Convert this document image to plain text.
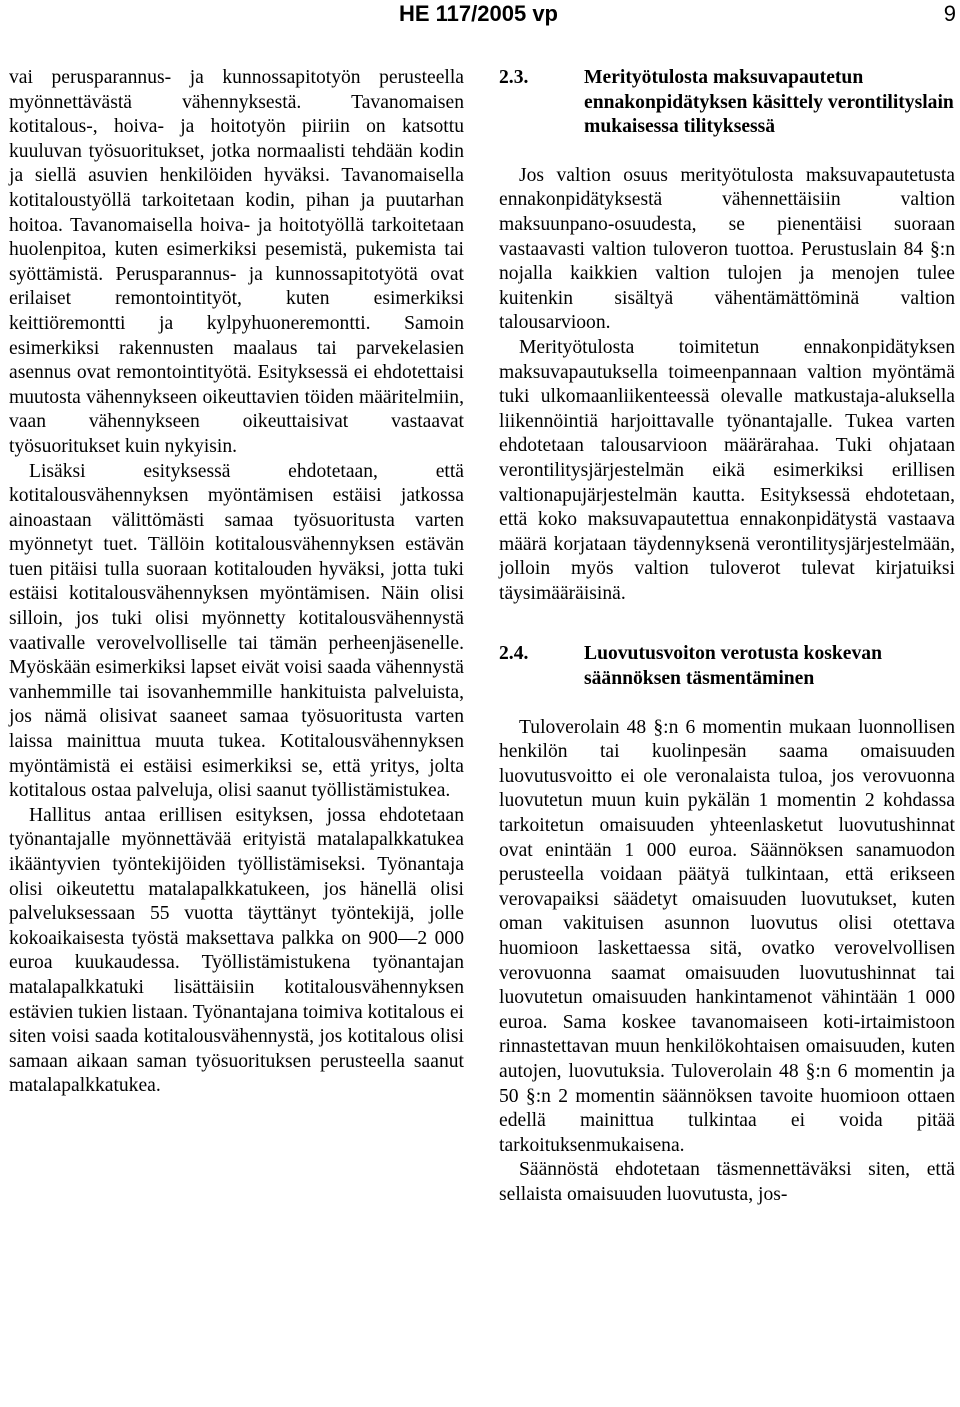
HE 117/2005 vp	9

vai perusparannus- ja kunnossapitotyön perusteella myönnettävästä vähennyksestä. Tavanomaisen kotitalous-, hoiva- ja hoitotyön piiriin on katsottu kuuluvan työsuoritukset, jotka normaalisti tehdään kodin ja siellä asuvien henkilöiden hyväksi. Tavanomaisella kotitaloustyöllä tarkoitetaan kodin, pihan ja puutarhan hoitoa. Tavanomaisella hoiva- ja hoitotyöllä tarkoitetaan huolenpitoa, kuten esimerkiksi pesemistä, pukemista tai syöttämistä. Perusparannus- ja kunnossapitotyötä ovat erilaiset remontointityöt, kuten esimerkiksi keittiöremontti ja kylpyhuoneremontti. Samoin esimerkiksi rakennusten maalaus tai parvekelasien asennus ovat remontointityötä. Esityksessä ei ehdotettaisi muutosta vähennykseen oikeuttavien töiden määritelmiin, vaan vähennykseen oikeuttaisivat vastaavat työsuoritukset kuin nykyisin.

Lisäksi esityksessä ehdotetaan, että kotitalousvähennyksen myöntämisen estäisi jatkossa ainoastaan välittömästi samaa työsuoritusta varten myönnetyt tuet. Tällöin kotitalousvähennyksen estävän tuen pitäisi tulla suoraan kotitalouden hyväksi, jotta tuki estäisi kotitalousvähennyksen myöntämisen. Näin olisi silloin, jos tuki olisi myönnetty kotitalousvähennystä vaativalle verovelvolliselle tai tämän perheenjäsenelle. Myöskään esimerkiksi lapset eivät voisi saada vähennystä vanhemmille tai isovanhemmille hankituista palveluista, jos nämä olisivat saaneet samaa työsuoritusta varten laissa mainittua muuta tukea. Kotitalousvähennyksen myöntämistä ei estäisi esimerkiksi se, että yritys, jolta kotitalous ostaa palveluja, olisi saanut työllistämistukea.

Hallitus antaa erillisen esityksen, jossa ehdotetaan työnantajalle myönnettävää erityistä matalapalkkatukea ikääntyvien työntekijöiden työllistämiseksi. Työnantaja olisi oikeutettu matalapalkkatukeen, jos hänellä olisi palveluksessaan 55 vuotta täyttänyt työntekijä, jolle kokoaikaisesta työstä maksettava palkka on 900—2 000 euroa kuukaudessa. Työllistämistukena työnantajan matalapalkkatuki lisättäisiin kotitalousvähennyksen estävien tukien listaan. Työnantajana toimiva kotitalous ei siten voisi saada kotitalousvähennystä, jos kotitalous olisi samaan aikaan saman työsuorituksen perusteella saanut matalapalkkatukea.

2.3.	Merityötulosta maksuvapautetun ennakonpidätyksen käsittely verontilityslain mukaisessa tilityksessä

Jos valtion osuus merityötulosta maksuvapautetusta ennakonpidätyksestä vähennettäisiin valtion maksuunpano-osuudesta, se pienentäisi suoraan vastaavasti valtion tuloveron tuottoa. Perustuslain 84 §:n nojalla kaikkien valtion tulojen ja menojen tulee kuitenkin sisältyä vähentämättöminä valtion talousarvioon.

Merityötulosta toimitetun ennakonpidätyksen maksuvapautuksella toimeenpannaan valtion myöntämä tuki ulkomaanliikenteessä olevalle matkustaja-aluksella liikennöintiä harjoittavalle työnantajalle. Tukea varten ehdotetaan talousarvioon määrärahaa. Tuki ohjataan verontilitysjärjestelmän eikä esimerkiksi erillisen valtionapujärjestelmän kautta. Esityksessä ehdotetaan, että koko maksuvapautettua ennakonpidätystä vastaava määrä korjataan täydennyksenä verontilitysjärjestelmään, jolloin myös valtion tuloverot tulevat kirjatuiksi täysimääräisinä.

2.4.	Luovutusvoiton verotusta koskevan säännöksen täsmentäminen

Tuloverolain 48 §:n 6 momentin mukaan luonnollisen henkilön tai kuolinpesän saama omaisuuden luovutusvoitto ei ole veronalaista tuloa, jos verovuonna luovutetun muun kuin pykälän 1 momentin 2 kohdassa tarkoitetun omaisuuden yhteenlasketut luovutushinnat ovat enintään 1 000 euroa. Säännöksen sanamuodon perusteella voidaan päätyä tulkintaan, että erikseen verovapaiksi säädetyt omaisuuden luovutukset, kuten oman vakituisen asunnon luovutus olisi otettava huomioon laskettaessa sitä, ovatko verovelvollisen verovuonna saamat omaisuuden luovutushinnat tai luovutetun omaisuuden hankintamenot vähintään 1 000 euroa. Sama koskee tavanomaiseen koti-irtaimistoon rinnastettavan muun henkilökohtaisen omaisuuden, kuten autojen, luovutuksia. Tuloverolain 48 §:n 6 momentin ja 50 §:n 2 momentin säännöksen tavoite huomioon ottaen edellä mainittua tulkintaa ei voida pitää tarkoituksenmukaisena.

Säännöstä ehdotetaan täsmennettäväksi siten, että sellaista omaisuuden luovutusta, jos-
